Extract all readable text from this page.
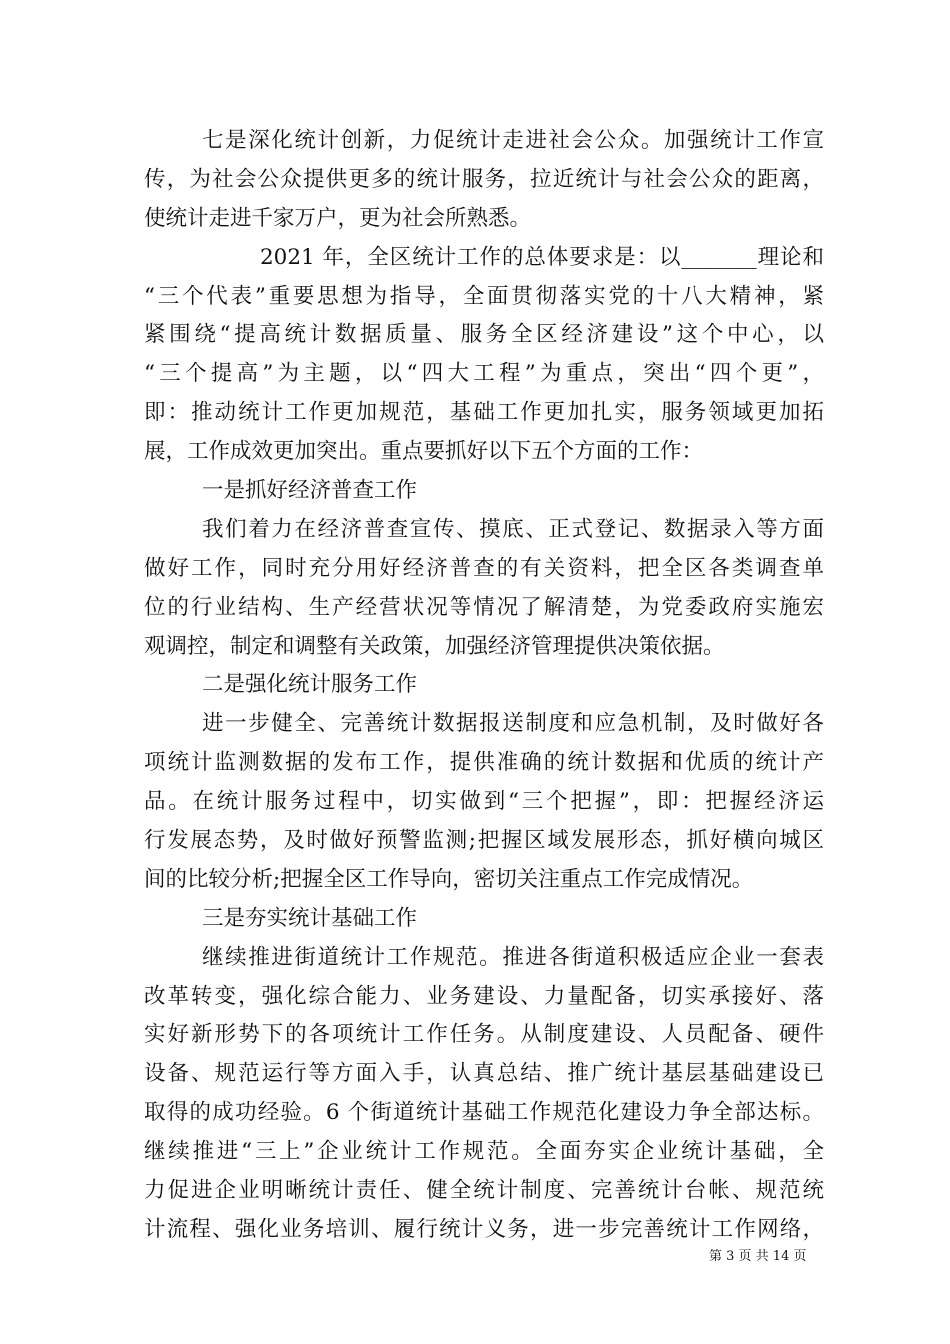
七是深化统计创新，力促统计走进社会公众。加强统计工作宣
传，为社会公众提供更多的统计服务，拉近统计与社会公众的距离，
使统计走进千家万户，更为社会所熟悉。
2021 年，全区统计工作的总体要求是：以_______理论和
“三个代表”重要思想为指导，全面贯彻落实党的十八大精神，紧
紧围绕“提高统计数据质量、服务全区经济建设”这个中心，以
“三个提高”为主题，以“四大工程”为重点，突出“四个更”，
即：推动统计工作更加规范，基础工作更加扎实，服务领域更加拓
展，工作成效更加突出。重点要抓好以下五个方面的工作：
一是抓好经济普查工作
我们着力在经济普查宣传、摸底、正式登记、数据录入等方面
做好工作，同时充分用好经济普查的有关资料，把全区各类调查单
位的行业结构、生产经营状况等情况了解清楚，为党委政府实施宏
观调控，制定和调整有关政策，加强经济管理提供决策依据。
二是强化统计服务工作
进一步健全、完善统计数据报送制度和应急机制，及时做好各
项统计监测数据的发布工作，提供准确的统计数据和优质的统计产
品。在统计服务过程中，切实做到“三个把握”，即：把握经济运
行发展态势，及时做好预警监测;把握区域发展形态，抓好横向城区
间的比较分析;把握全区工作导向，密切关注重点工作完成情况。
三是夯实统计基础工作
继续推进街道统计工作规范。推进各街道积极适应企业一套表
改革转变，强化综合能力、业务建设、力量配备，切实承接好、落
实好新形势下的各项统计工作任务。从制度建设、人员配备、硬件
设备、规范运行等方面入手，认真总结、推广统计基层基础建设已
取得的成功经验。6 个街道统计基础工作规范化建设力争全部达标。
继续推进“三上”企业统计工作规范。全面夯实企业统计基础，全
力促进企业明晰统计责任、健全统计制度、完善统计台帐、规范统
计流程、强化业务培训、履行统计义务，进一步完善统计工作网络，
第 3 页 共 14 页
